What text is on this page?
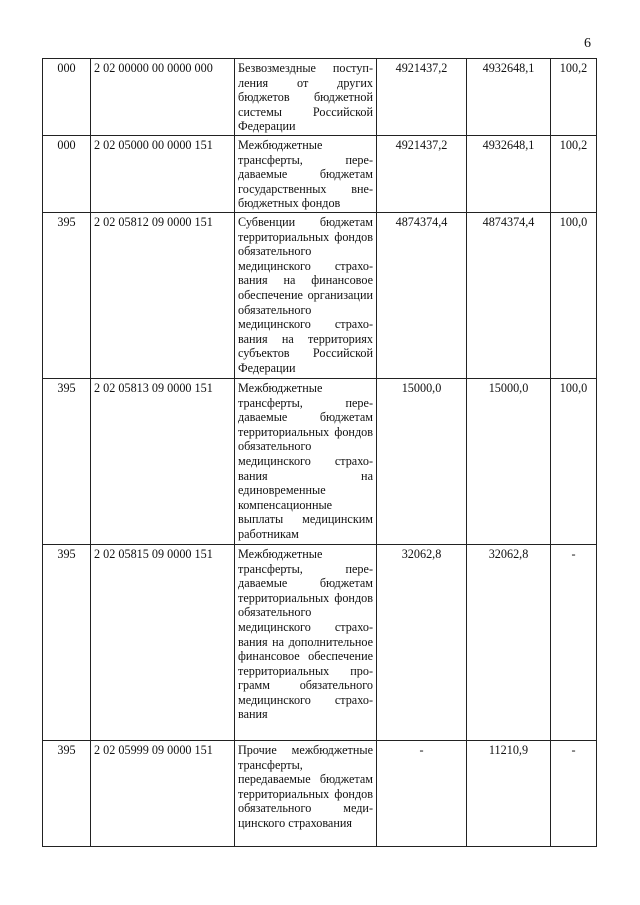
6
000	2 02 00000 00 0000 000	Безвозмездные поступления от других бюджетов бюджетной системы Российской Федерации	4921437,2	4932648,1	100,2
000	2 02 05000 00 0000 151	Межбюджетные трансферты, передаваемые бюджетам государственных внебюджетных фондов	4921437,2	4932648,1	100,2
395	2 02 05812 09 0000 151	Субвенции бюджетам территориальных фондов обязательного медицинского страхования на финансовое обеспечение организации обязательного медицинского страхования на территориях субъектов Российской Федерации	4874374,4	4874374,4	100,0
395	2 02 05813 09 0000 151	Межбюджетные трансферты, передаваемые бюджетам территориальных фондов обязательного медицинского страхования на единовременные компенсационные выплаты медицинским работникам	15000,0	15000,0	100,0
395	2 02 05815 09 0000 151	Межбюджетные трансферты, передаваемые бюджетам территориальных фондов обязательного медицинского страхования на дополнительное финансовое обеспечение территориальных программ обязательного медицинского страхования	32062,8	32062,8	-
395	2 02 05999 09 0000 151	Прочие межбюджетные трансферты, передаваемые бюджетам территориальных фондов обязательного медицинского страхования	-	11210,9	-
